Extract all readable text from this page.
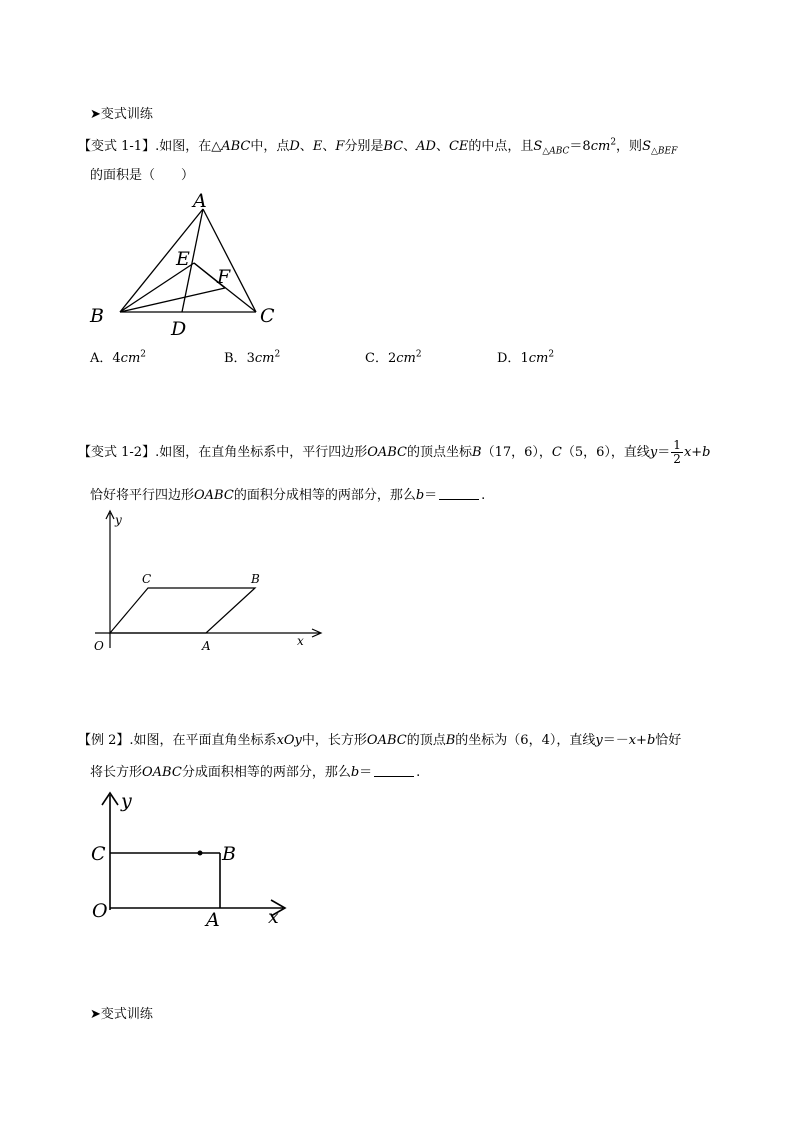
➤变式训练
【变式 1-1】.如图，在△ABC中，点D、E、F分别是BC、AD、CE的中点，且$S_{\triangle ABC}=8cm^2$，则$S_{\triangle BEF}$
的面积是（　　）
A
B	C
D
E
F
A．$4cm^2$	B．$3cm^2$	C．$2cm^2$	D．$1cm^2$
【变式 1-2】.如图，在直角坐标系中，平行四边形OABC的顶点坐标B（17，6），C（5，6），直线$y= \frac{1}{2} x+b$
恰好将平行四边形OABC的面积分成相等的两部分，那么b＝	.
y
x
O	A
B
C
【例 2】.如图，在平面直角坐标系xOy中，长方形OABC的顶点B的坐标为（6，4），直线y＝－x+b恰好
将长方形OABC分成面积相等的两部分，那么b＝	.
y
x
O	A
B
C
➤变式训练
